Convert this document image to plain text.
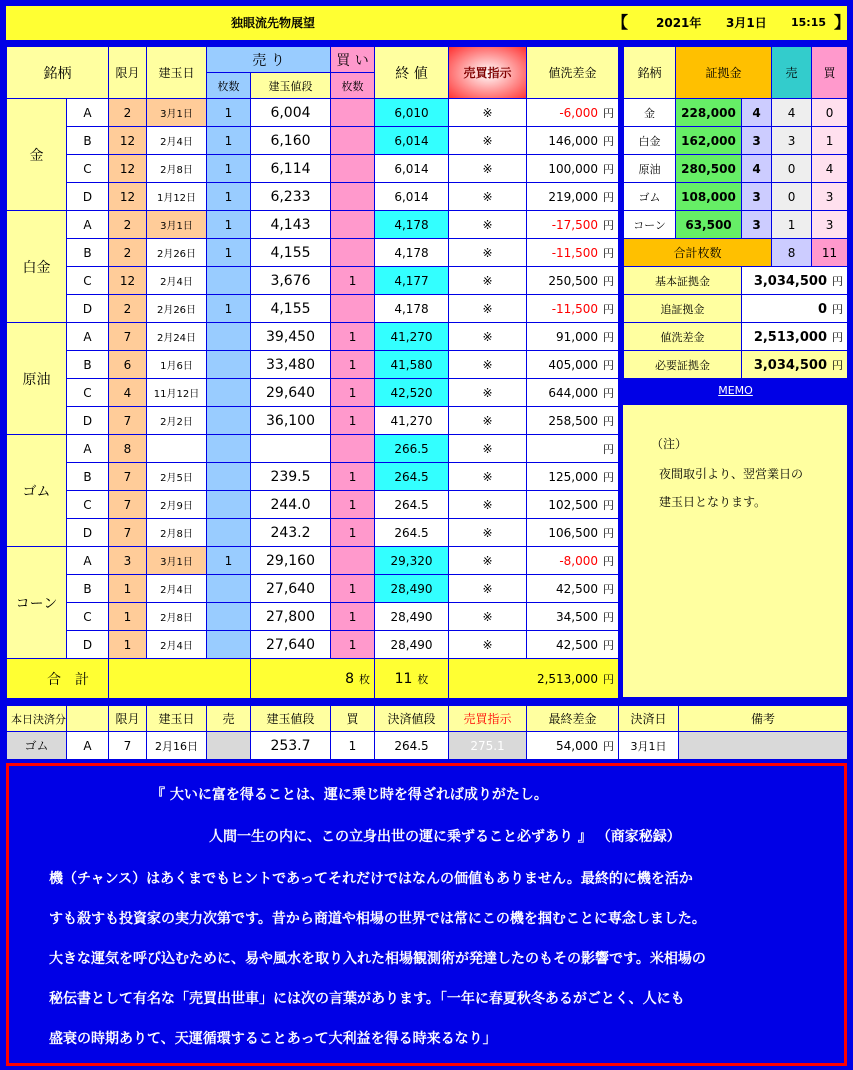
独眼流先物展望	【 2021年 3月1日 15:15 】
銘柄		限月	建玉日	売 り		買 い	終 値	売買指示	値洗差金
				枚数	建玉値段	枚数			
金	A	2	3月1日	1	6,004		6,010	※	-6,000 円
	B	12	2月4日	1	6,160		6,014	※	146,000 円
	C	12	2月8日	1	6,114		6,014	※	100,000 円
	D	12	1月12日	1	6,233		6,014	※	219,000 円
白金	A	2	3月1日	1	4,143		4,178	※	-17,500 円
	B	2	2月26日	1	4,155		4,178	※	-11,500 円
	C	12	2月4日		3,676	1	4,177	※	250,500 円
	D	2	2月26日	1	4,155		4,178	※	-11,500 円
原油	A	7	2月24日		39,450	1	41,270	※	91,000 円
	B	6	1月6日		33,480	1	41,580	※	405,000 円
	C	4	11月12日		29,640	1	42,520	※	644,000 円
	D	7	2月2日		36,100	1	41,270	※	258,500 円
ゴム	A	8					266.5	※	円
	B	7	2月5日		239.5	1	264.5	※	125,000 円
	C	7	2月9日		244.0	1	264.5	※	102,500 円
	D	7	2月8日		243.2	1	264.5	※	106,500 円
コーン	A	3	3月1日	1	29,160		29,320	※	-8,000 円
	B	1	2月4日		27,640	1	28,490	※	42,500 円
	C	1	2月8日		27,800	1	28,490	※	34,500 円
	D	1	2月4日		27,640	1	28,490	※	42,500 円
合　計					8 枚		11 枚	2,513,000 円	
銘柄	証拠金		売	買
金	228,000	4	4	0
白金	162,000	3	3	1
原油	280,500	4	0	4
ゴム	108,000	3	0	3
コーン	63,500	3	1	3
合計枚数			8	11
基本証拠金		3,034,500 円		
追証拠金		0 円		
値洗差金		2,513,000 円		
必要証拠金		3,034,500 円		
MEMO				

（注）

夜間取引より、翌営業日の

建玉日となります。

本日決済分		限月	建玉日	売	建玉値段	買	決済値段	売買指示	最終差金	決済日	備考
ゴム	A	7	2月16日		253.7	1	264.5	275.1	54,000 円	3月1日	

『 大いに富を得ることは、運に乗じ時を得ざれば成りがたし。

人間一生の内に、この立身出世の運に乗ずること必ずあり 』 （商家秘録）

機（チャンス）はあくまでもヒントであってそれだけではなんの価値もありません。最終的に機を活か

すも殺すも投資家の実力次第です。昔から商道や相場の世界では常にこの機を掴むことに専念しました。

大きな運気を呼び込むために、易や風水を取り入れた相場観測術が発達したのもその影響です。米相場の

秘伝書として有名な「売買出世車」には次の言葉があります。「一年に春夏秋冬あるがごとく、人にも

盛衰の時期ありて、天運循環することあって大利益を得る時来るなり」
